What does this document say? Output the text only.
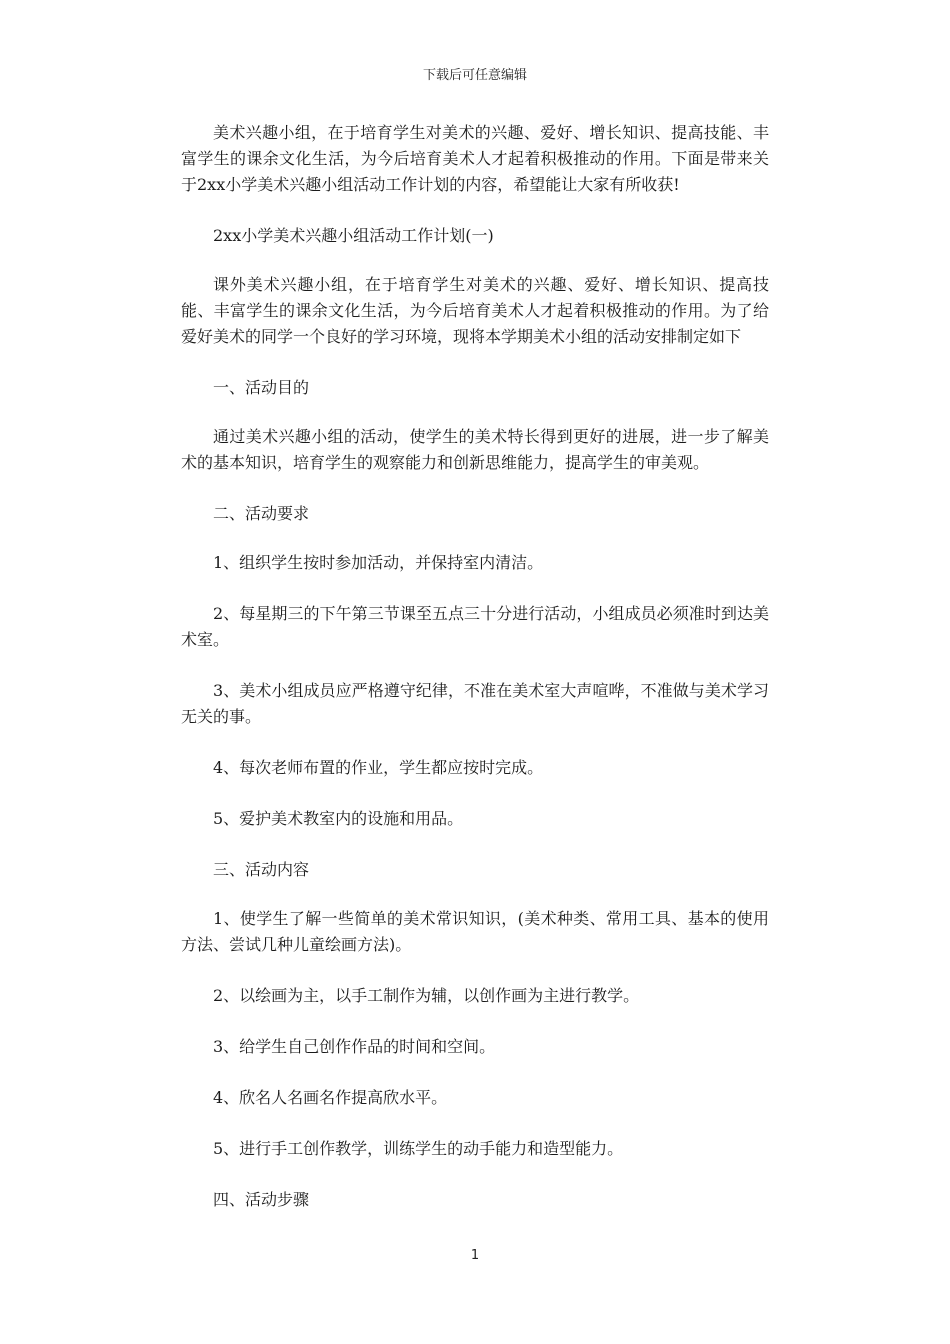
下载后可任意编辑

美术兴趣小组，在于培育学生对美术的兴趣、爱好、增长知识、提高技能、丰富学生的课余文化生活，为今后培育美术人才起着积极推动的作用。下面是带来关于2xx小学美术兴趣小组活动工作计划的内容，希望能让大家有所收获!

2xx小学美术兴趣小组活动工作计划(一)

课外美术兴趣小组，在于培育学生对美术的兴趣、爱好、增长知识、提高技能、丰富学生的课余文化生活，为今后培育美术人才起着积极推动的作用。为了给爱好美术的同学一个良好的学习环境，现将本学期美术小组的活动安排制定如下

一、活动目的

通过美术兴趣小组的活动，使学生的美术特长得到更好的进展，进一步了解美术的基本知识，培育学生的观察能力和创新思维能力，提高学生的审美观。

二、活动要求

1、组织学生按时参加活动，并保持室内清洁。

2、每星期三的下午第三节课至五点三十分进行活动，小组成员必须准时到达美术室。

3、美术小组成员应严格遵守纪律，不准在美术室大声喧哗，不准做与美术学习无关的事。

4、每次老师布置的作业，学生都应按时完成。

5、爱护美术教室内的设施和用品。

三、活动内容

1、使学生了解一些简单的美术常识知识，(美术种类、常用工具、基本的使用方法、尝试几种儿童绘画方法)。

2、以绘画为主，以手工制作为辅，以创作画为主进行教学。

3、给学生自己创作作品的时间和空间。

4、欣名人名画名作提高欣水平。

5、进行手工创作教学，训练学生的动手能力和造型能力。

四、活动步骤

1
